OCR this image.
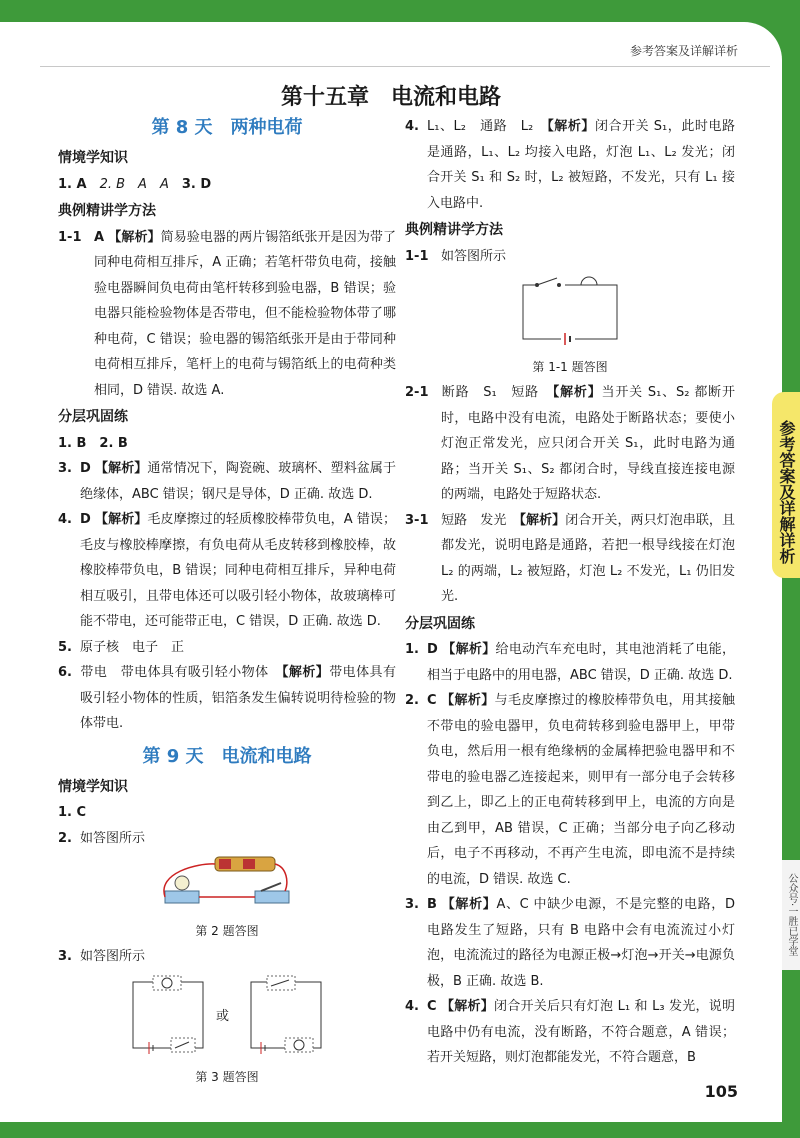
参考答案及详解详析
第十五章　电流和电路
第 8 天　两种电荷
情境学知识
1. A　 2. B　A　A　3. D
典例精讲学方法
1-1 A 【解析】简易验电器的两片锡箔纸张开是因为带了同种电荷相互排斥，A 正确；若笔杆带负电荷，接触验电器瞬间负电荷由笔杆转移到验电器，B 错误；验电器只能检验物体是否带电，但不能检验物体带了哪种电荷，C 错误；验电器的锡箔纸张开是由于带同种电荷相互排斥，笔杆上的电荷与锡箔纸上的电荷种类相同，D 错误. 故选 A.
分层巩固练
1. B　2. B
3. D 【解析】通常情况下，陶瓷碗、玻璃杯、塑料盆属于绝缘体，ABC 错误；钢尺是导体，D 正确. 故选 D.
4. D 【解析】毛皮摩擦过的轻质橡胶棒带负电，A 错误；毛皮与橡胶棒摩擦，有负电荷从毛皮转移到橡胶棒，故橡胶棒带负电，B 错误；同种电荷相互排斥，异种电荷相互吸引，且带电体还可以吸引轻小物体，故玻璃棒可能不带电，还可能带正电，C 错误，D 正确. 故选 D.
5. 原子核　电子　正
6. 带电　带电体具有吸引轻小物体　【解析】带电体具有吸引轻小物体的性质，铝箔条发生偏转说明待检验的物体带电.
第 9 天　电流和电路
情境学知识
1. C
2. 如答图所示
第 2 题答图
3. 如答图所示
或
第 3 题答图
4. L₁、L₂　通路　L₂　【解析】闭合开关 S₁，此时电路是通路，L₁、L₂ 均接入电路，灯泡 L₁、L₂ 发光；闭合开关 S₁ 和 S₂ 时，L₂ 被短路，不发光，只有 L₁ 接入电路中.
典例精讲学方法
1-1 如答图所示
第 1-1 题答图
2-1 断路　S₁　短路　【解析】当开关 S₁、S₂ 都断开时，电路中没有电流，电路处于断路状态；要使小灯泡正常发光，应只闭合开关 S₁，此时电路为通路；当开关 S₁、S₂ 都闭合时，导线直接连接电源的两端，电路处于短路状态.
3-1 短路　发光　【解析】闭合开关，两只灯泡串联，且都发光，说明电路是通路，若把一根导线接在灯泡 L₂ 的两端，L₂ 被短路，灯泡 L₂ 不发光，L₁ 仍旧发光.
分层巩固练
1. D 【解析】给电动汽车充电时，其电池消耗了电能，相当于电路中的用电器，ABC 错误，D 正确. 故选 D.
2. C 【解析】与毛皮摩擦过的橡胶棒带负电，用其接触不带电的验电器甲，负电荷转移到验电器甲上，甲带负电，然后用一根有绝缘柄的金属棒把验电器甲和不带电的验电器乙连接起来，则甲有一部分电子会转移到乙上，即乙上的正电荷转移到甲上，电流的方向是由乙到甲，AB 错误，C 正确；当部分电子向乙移动后，电子不再移动，不再产生电流，即电流不是持续的电流，D 错误. 故选 C.
3. B 【解析】A、C 中缺少电源，不是完整的电路，D 电路发生了短路，只有 B 电路中会有电流流过小灯泡，电流流过的路径为电源正极→灯泡→开关→电源负极，B 正确. 故选 B.
4. C 【解析】闭合开关后只有灯泡 L₁ 和 L₃ 发光，说明电路中仍有电流，没有断路，不符合题意，A 错误；若开关短路，则灯泡都能发光，不符合题意，B
参考答案及详解详析
公众号·一胜已学堂
105
